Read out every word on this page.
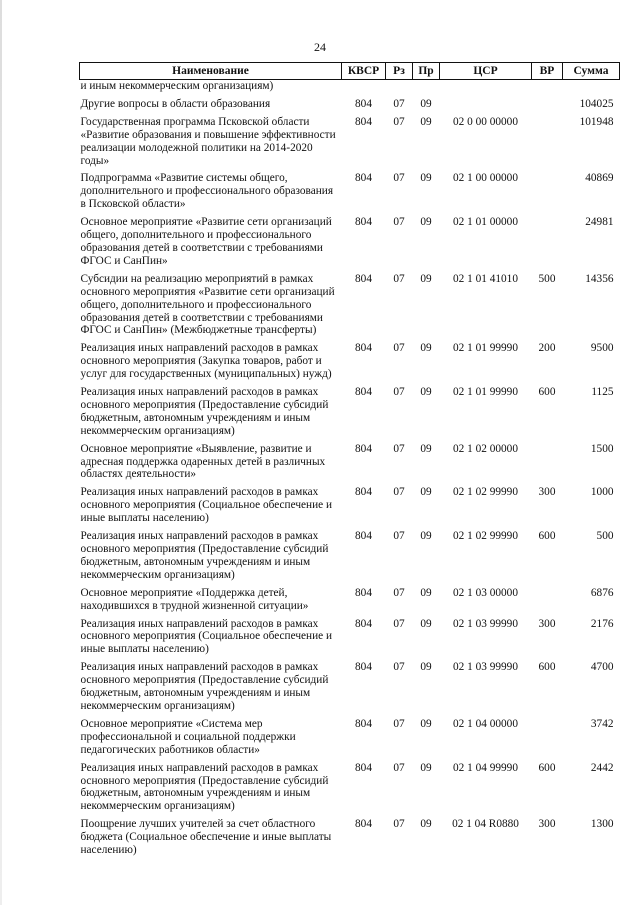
24
Наименование	КВСР	Рз	Пр	ЦСР	ВР	Сумма
и иным некоммерческим организациям)						
Другие вопросы в области образования	804	07	09			104025
Государственная программа Псковской области «Развитие образования и повышение эффективности реализации молодежной политики на 2014-2020 годы»	804	07	09	02 0 00 00000		101948
Подпрограмма «Развитие системы общего, дополнительного и профессионального образования в Псковской области»	804	07	09	02 1 00 00000		40869
Основное мероприятие «Развитие сети организаций общего, дополнительного и профессионального образования детей в соответствии с требованиями ФГОС и СанПин»	804	07	09	02 1 01 00000		24981
Субсидии на реализацию мероприятий в рамках основного мероприятия «Развитие сети организаций общего, дополнительного и профессионального образования детей в соответствии с требованиями ФГОС и СанПин» (Межбюджетные трансферты)	804	07	09	02 1 01 41010	500	14356
Реализация иных направлений расходов в рамках основного мероприятия (Закупка товаров, работ и услуг для государственных (муниципальных) нужд)	804	07	09	02 1 01 99990	200	9500
Реализация иных направлений расходов в рамках основного мероприятия (Предоставление субсидий бюджетным, автономным учреждениям и иным некоммерческим организациям)	804	07	09	02 1 01 99990	600	1125
Основное мероприятие «Выявление, развитие и адресная поддержка одаренных детей в различных областях деятельности»	804	07	09	02 1 02 00000		1500
Реализация иных направлений расходов в рамках основного мероприятия (Социальное обеспечение и иные выплаты населению)	804	07	09	02 1 02 99990	300	1000
Реализация иных направлений расходов в рамках основного мероприятия (Предоставление субсидий бюджетным, автономным учреждениям и иным некоммерческим организациям)	804	07	09	02 1 02 99990	600	500
Основное мероприятие «Поддержка детей, находившихся в трудной жизненной ситуации»	804	07	09	02 1 03 00000		6876
Реализация иных направлений расходов в рамках основного мероприятия (Социальное обеспечение и иные выплаты населению)	804	07	09	02 1 03 99990	300	2176
Реализация иных направлений расходов в рамках основного мероприятия (Предоставление субсидий бюджетным, автономным учреждениям и иным некоммерческим организациям)	804	07	09	02 1 03 99990	600	4700
Основное мероприятие «Система мер профессиональной и социальной поддержки педагогических работников области»	804	07	09	02 1 04 00000		3742
Реализация иных направлений расходов в рамках основного мероприятия (Предоставление субсидий бюджетным, автономным учреждениям и иным некоммерческим организациям)	804	07	09	02 1 04 99990	600	2442
Поощрение лучших учителей за счет областного бюджета (Социальное обеспечение и иные выплаты населению)	804	07	09	02 1 04 R0880	300	1300
